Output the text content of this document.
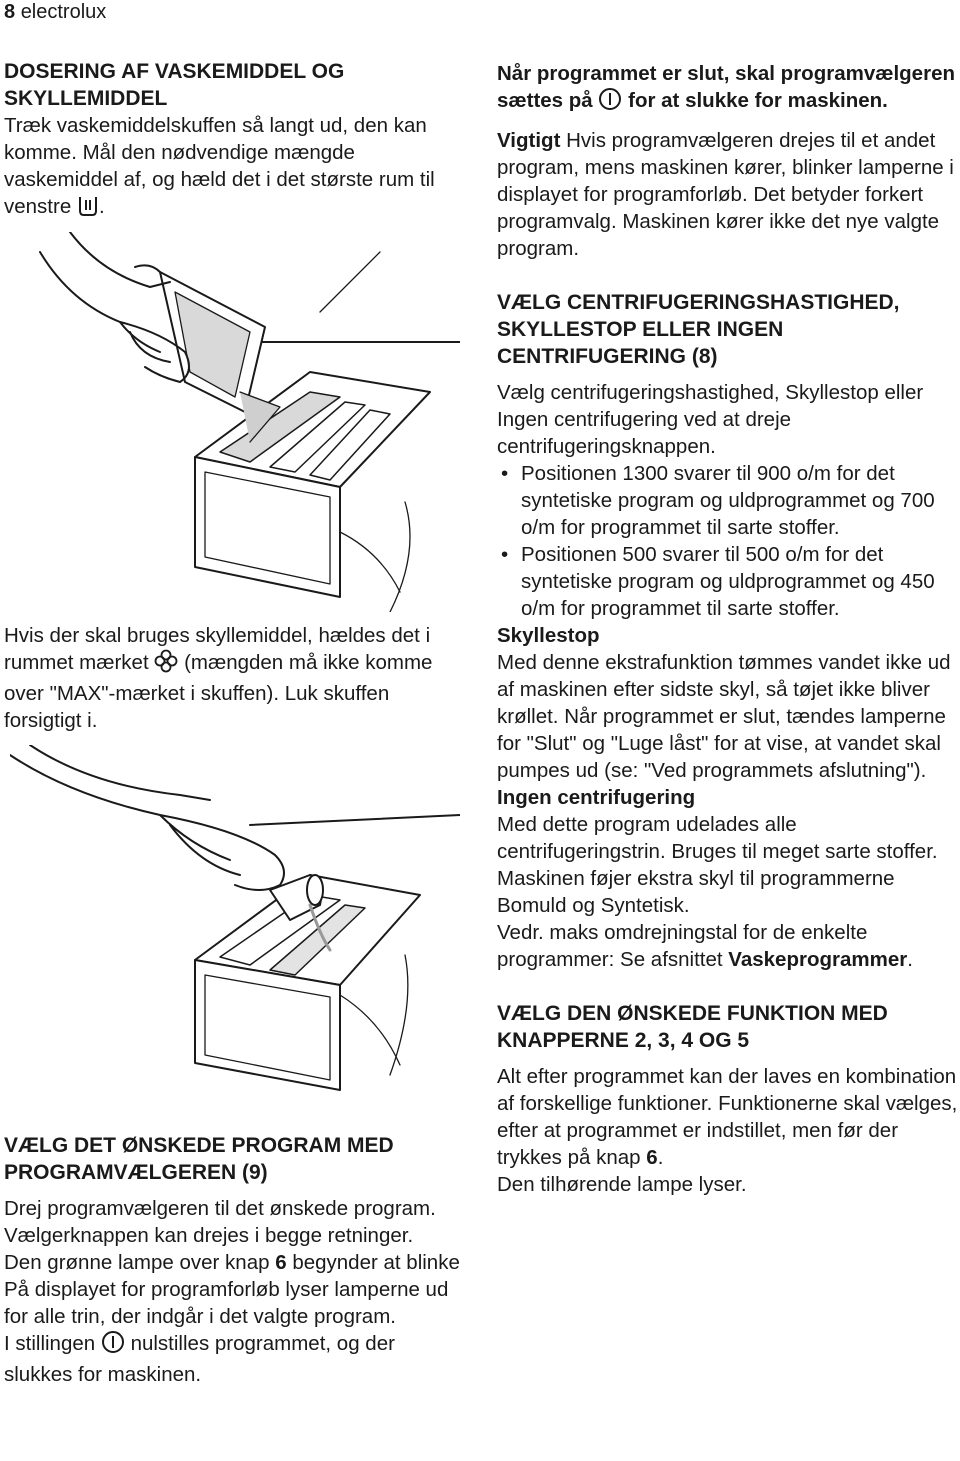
8 electrolux
DOSERING AF VASKEMIDDEL OG SKYLLEMIDDEL

Træk vaskemiddelskuffen så langt ud, den kan komme. Mål den nødvendige mængde vaskemiddel af, og hæld det i det største rum til venstre .

Hvis der skal bruges skyllemiddel, hældes det i rummet mærket (mængden må ikke komme over "MAX"-mærket i skuffen). Luk skuffen forsigtigt i.

VÆLG DET ØNSKEDE PROGRAM MED PROGRAMVÆLGEREN (9)

Drej programvælgeren til det ønskede program. Vælgerknappen kan drejes i begge retninger.

Den grønne lampe over knap 6 begynder at blinke

På displayet for programforløb lyser lamperne ud for alle trin, der indgår i det valgte program.

I stillingen nulstilles programmet, og der slukkes for maskinen.

Når programmet er slut, skal programvælgeren sættes på for at slukke for maskinen.

Vigtigt Hvis programvælgeren drejes til et andet program, mens maskinen kører, blinker lamperne i displayet for programforløb. Det betyder forkert programvalg. Maskinen kører ikke det nye valgte program.

VÆLG CENTRIFUGERINGSHASTIGHED, SKYLLESTOP ELLER INGEN CENTRIFUGERING (8)

Vælg centrifugeringshastighed, Skyllestop eller Ingen centrifugering ved at dreje centrifugeringsknappen.

• Positionen 1300 svarer til 900 o/m for det syntetiske program og uldprogrammet og 700 o/m for programmet til sarte stoffer.
• Positionen 500 svarer til 500 o/m for det syntetiske program og uldprogrammet og 450 o/m for programmet til sarte stoffer.

Skyllestop

Med denne ekstrafunktion tømmes vandet ikke ud af maskinen efter sidste skyl, så tøjet ikke bliver krøllet. Når programmet er slut, tændes lamperne for "Slut" og "Luge låst" for at vise, at vandet skal pumpes ud (se: "Ved programmets afslutning").

Ingen centrifugering

Med dette program udelades alle centrifugeringstrin. Bruges til meget sarte stoffer. Maskinen føjer ekstra skyl til programmerne Bomuld og Syntetisk.

Vedr. maks omdrejningstal for de enkelte programmer: Se afsnittet Vaskeprogrammer.

VÆLG DEN ØNSKEDE FUNKTION MED KNAPPERNE 2, 3, 4 OG 5

Alt efter programmet kan der laves en kombination af forskellige funktioner. Funktionerne skal vælges, efter at programmet er indstillet, men før der trykkes på knap 6.

Den tilhørende lampe lyser.
